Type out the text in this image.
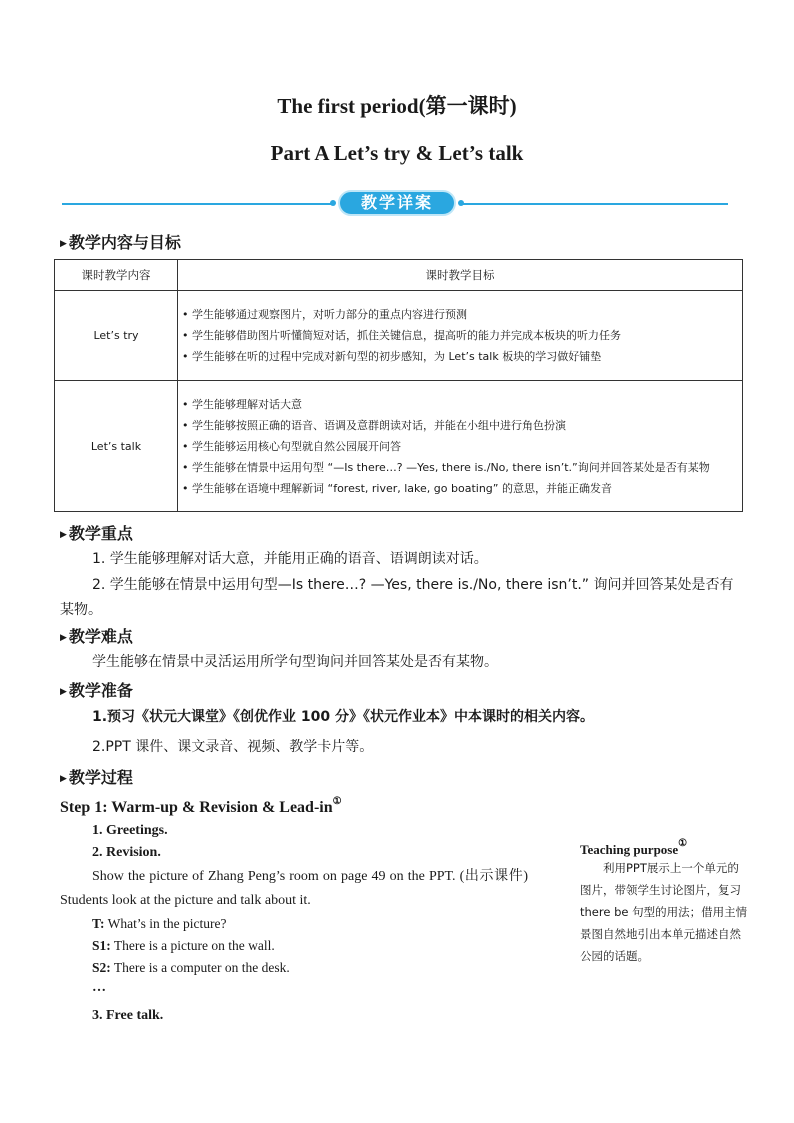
The first period(第一课时)
Part A Let’s try & Let’s talk
教学详案
▶ 教学内容与目标
课时教学内容	课时教学目标
Let’s try	• 学生能够通过观察图片，对听力部分的重点内容进行预测

• 学生能够借助图片听懂简短对话，抓住关键信息，提高听的能力并完成本板块的听力任务

• 学生能够在听的过程中完成对新句型的初步感知，为 Let’s talk 板块的学习做好铺垫

Let’s talk	• 学生能够理解对话大意

• 学生能够按照正确的语音、语调及意群朗读对话，并能在小组中进行角色扮演

• 学生能够运用核心句型就自然公园展开问答

• 学生能够在情景中运用句型 “—Is there…? —Yes, there is./No, there isn’t.”询问并回答某处是否有某物

• 学生能够在语境中理解新词 “forest, river, lake, go boating” 的意思，并能正确发音

▶ 教学重点
1. 学生能够理解对话大意，并能用正确的语音、语调朗读对话。
2. 学生能够在情景中运用句型—Is there…? —Yes, there is./No, there isn’t.” 询问并回答某处是否有某物。
▶ 教学难点
学生能够在情景中灵活运用所学句型询问并回答某处是否有某物。
▶ 教学准备
1.预习《状元大课堂》《创优作业 100 分》《状元作业本》中本课时的相关内容。
2.PPT 课件、课文录音、视频、教学卡片等。
▶ 教学过程
Step 1: Warm-up & Revision & Lead-in①
1. Greetings.
2. Revision.
Show the picture of Zhang Peng’s room on page 49 on the PPT. (出示课件) Students look at the picture and talk about it.
T: What’s in the picture?
S1: There is a picture on the wall.
S2: There is a computer on the desk.
…
3. Free talk.
Teaching purpose①
利用PPT展示上一个单元的图片，带领学生讨论图片，复习 there be 句型的用法；借用主情景图自然地引出本单元描述自然公园的话题。
